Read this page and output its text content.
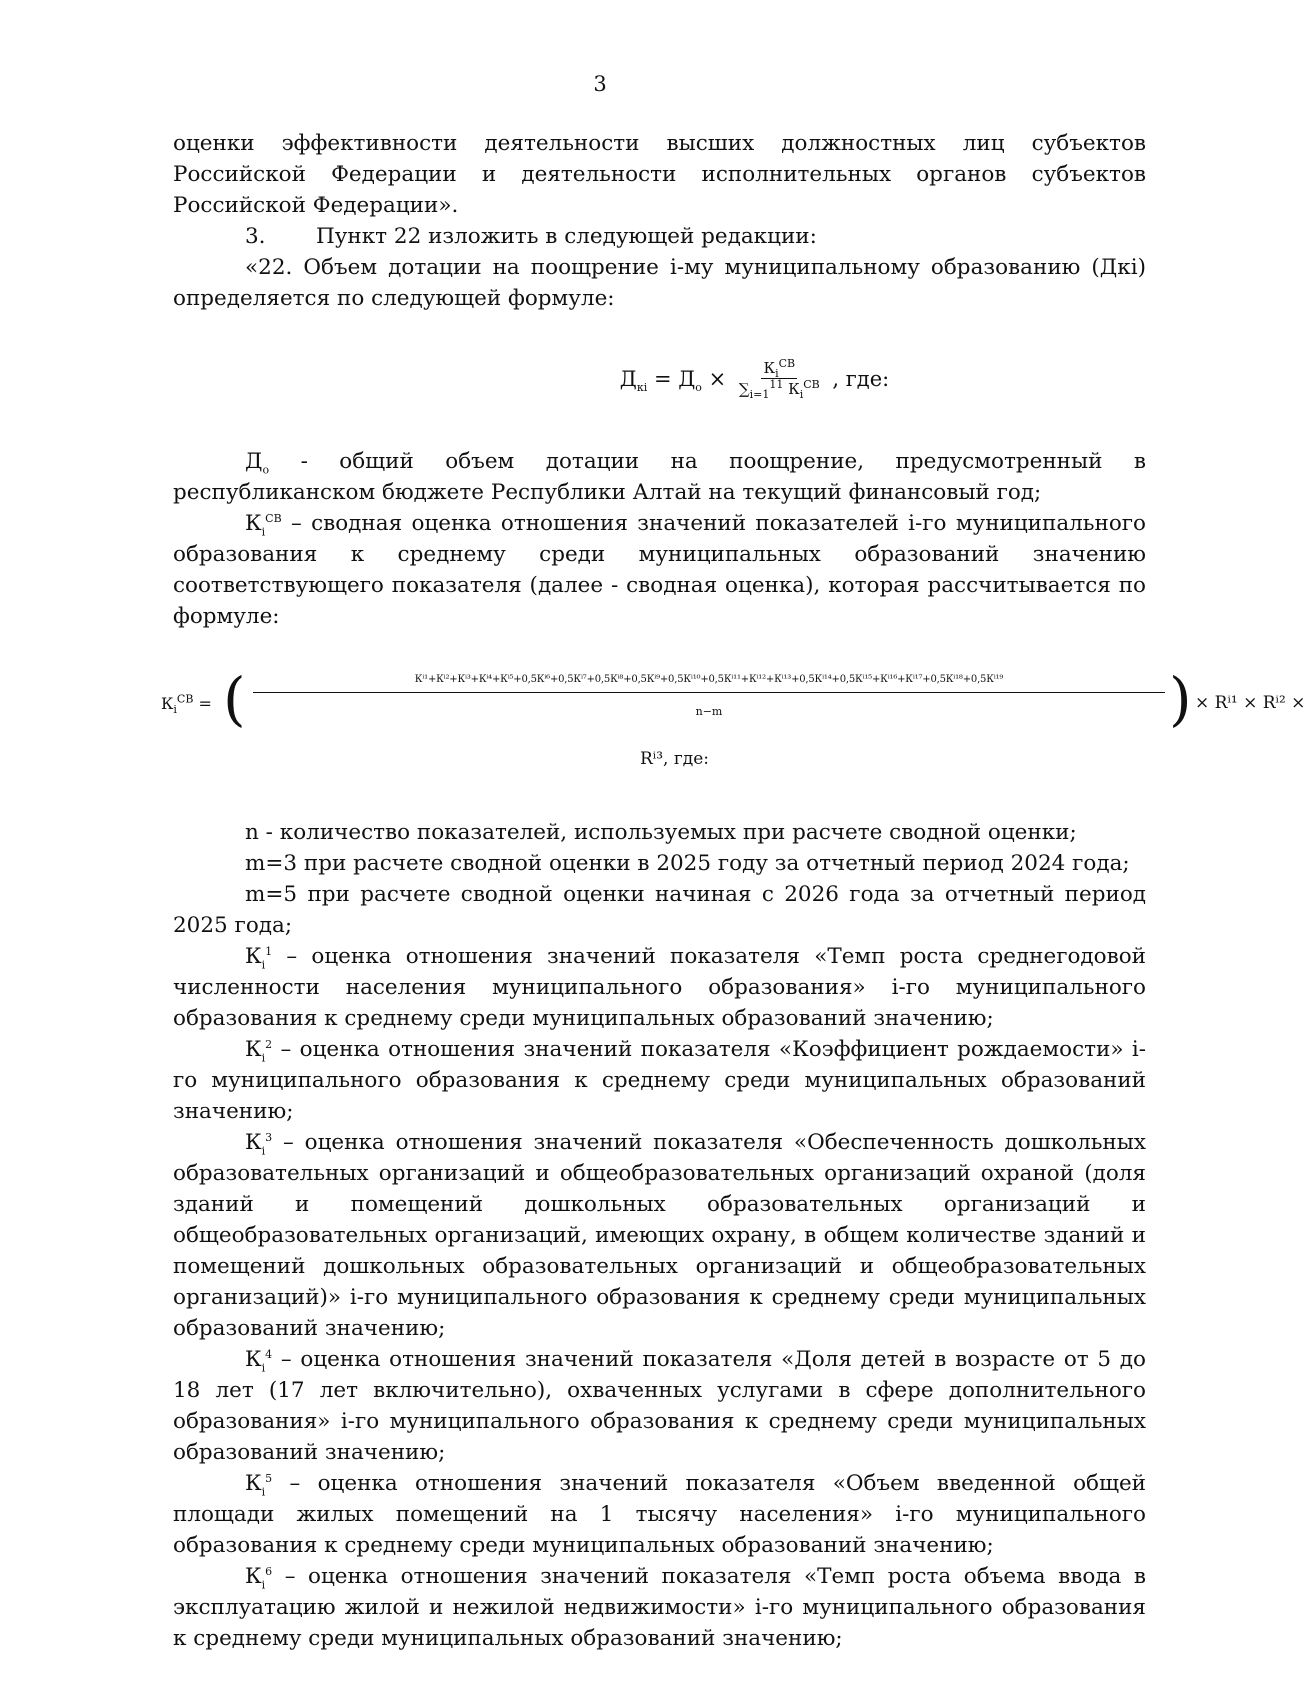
3

оценки эффективности деятельности высших должностных лиц субъектов Российской Федерации и деятельности исполнительных органов субъектов Российской Федерации».

3. Пункт 22 изложить в следующей редакции:

«22. Объем дотации на поощрение i-му муниципальному образованию (Дкi) определяется по следующей формуле:

$Д_{кi} = Д_о \times \frac{К_i^{СВ}}{\sum_{i=1}^{11} К_i^{СВ}}$ , где:

$Д_о$ - общий объем дотации на поощрение, предусмотренный в республиканском бюджете Республики Алтай на текущий финансовый год;

$К_i^{СВ}$ – сводная оценка отношения значений показателей i-го муниципального образования к среднему среди муниципальных образований значению соответствующего показателя (далее - сводная оценка), которая рассчитывается по формуле:

$К_i^{СВ}$ = (	Кⁱ¹+Кⁱ²+Кⁱ³+Кⁱ⁴+Кⁱ⁵+0,5Кⁱ⁶+0,5Кⁱ⁷+0,5Кⁱ⁸+0,5Кⁱ⁹+0,5Кⁱ¹⁰+0,5Кⁱ¹¹+Кⁱ¹²+Кⁱ¹³+0,5Кⁱ¹⁴+0,5Кⁱ¹⁵+Кⁱ¹⁶+Кⁱ¹⁷+0,5Кⁱ¹⁸+0,5Кⁱ¹⁹
n−m	) × Rⁱ¹ × Rⁱ² ×
Rⁱ³, где:

n - количество показателей, используемых при расчете сводной оценки;

m=3 при расчете сводной оценки в 2025 году за отчетный период 2024 года;

m=5 при расчете сводной оценки начиная с 2026 года за отчетный период 2025 года;

$К_i^1$ – оценка отношения значений показателя «Темп роста среднегодовой численности населения муниципального образования» i-го муниципального образования к среднему среди муниципальных образований значению;

$К_i^2$ – оценка отношения значений показателя «Коэффициент рождаемости» i-го муниципального образования к среднему среди муниципальных образований значению;

$К_i^3$ – оценка отношения значений показателя «Обеспеченность дошкольных образовательных организаций и общеобразовательных организаций охраной (доля зданий и помещений дошкольных образовательных организаций и общеобразовательных организаций, имеющих охрану, в общем количестве зданий и помещений дошкольных образовательных организаций и общеобразовательных организаций)» i-го муниципального образования к среднему среди муниципальных образований значению;

$К_i^4$ – оценка отношения значений показателя «Доля детей в возрасте от 5 до 18 лет (17 лет включительно), охваченных услугами в сфере дополнительного образования» i-го муниципального образования к среднему среди муниципальных образований значению;

$К_i^5$ – оценка отношения значений показателя «Объем введенной общей площади жилых помещений на 1 тысячу населения» i-го муниципального образования к среднему среди муниципальных образований значению;

$К_i^6$ – оценка отношения значений показателя «Темп роста объема ввода в эксплуатацию жилой и нежилой недвижимости» i-го муниципального образования к среднему среди муниципальных образований значению;
